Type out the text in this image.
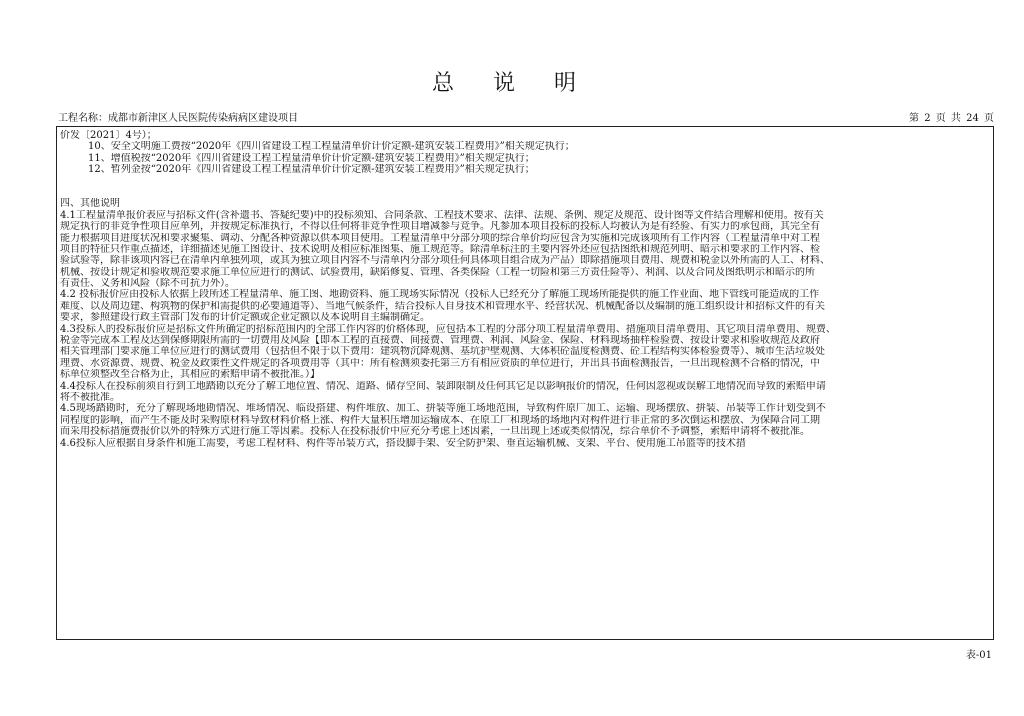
总 说 明
工程名称：成都市新津区人民医院传染病病区建设项目	第 2 页 共 24 页
价发〔2021〕4号）；
10、安全文明施工费按“2020年《四川省建设工程工程量清单价计价定额-建筑安装工程费用》”相关规定执行；
11、增值税按“2020年《四川省建设工程工程量清单价计价定额-建筑安装工程费用》”相关规定执行；
12、暂列金按“2020年《四川省建设工程工程量清单价计价定额-建筑安装工程费用》”相关规定执行；
四、其他说明
4.1工程量清单报价表应与招标文件(含补遗书、答疑纪要)中的投标须知、合同条款、工程技术要求、法律、法规、条例、规定及规范、设计图等文件结合理解和使用。按有关
规定执行的非竞争性项目应单列，并按规定标准执行，不得以任何将非竞争性项目增减参与竞争。凡参加本项目投标的投标人均被认为是有经验、有实力的承包商，其完全有
能力根据项目进度状况和要求聚集、调动、分配各种资源以供本项目使用。工程量清单中分部分项的综合单价均应包含为实施和完成该项所有工作内容（工程量清单中对工程
项目的特征只作重点描述，详细描述见施工图设计、技术说明及相应标准图集、施工规范等。除清单标注的主要内容外还应包括图纸和规范列明、暗示和要求的工作内容、检
验试验等，除非该项内容已在清单内单独列项，或其为独立项目内容不与清单内分部分项任何具体项目组合成为产品）即除措施项目费用、规费和税金以外所需的人工、材料、
机械、按设计规定和验收规范要求施工单位应进行的测试、试验费用，缺陷修复、管理、各类保险（工程一切险和第三方责任险等）、利润、以及合同及图纸明示和暗示的所
有责任、义务和风险（除不可抗力外）。
4.2 投标报价应由投标人依据上段所述工程量清单、施工图、地勘资料、施工现场实际情况（投标人已经充分了解施工现场所能提供的施工作业面、地下管线可能造成的工作
难度、以及周边建、构筑物的保护和需提供的必要通道等）、当地气候条件，结合投标人自身技术和管理水平、经营状况、机械配备以及编制的施工组织设计和招标文件的有关
要求，参照建设行政主管部门发布的计价定额或企业定额以及本说明自主编制确定。
4.3投标人的投标报价应是招标文件所确定的招标范围内的全部工作内容的价格体现，应包括本工程的分部分项工程量清单费用、措施项目清单费用、其它项目清单费用、规费、
税金等完成本工程及达到保修期限所需的一切费用及风险【即本工程的直接费、间接费、管理费、利润、风险金、保险、材料现场抽样检验费、按设计要求和验收规范及政府
相关管理部门要求施工单位应进行的测试费用（包括但不限于以下费用：建筑物沉降观测、基坑护壁观测、大体积砼温度检测费、砼工程结构实体检验费等）、城市生活垃圾处
理费、水资源费、规费、税金及政策性文件规定的各项费用等（其中：所有检测须委托第三方有相应资质的单位进行，并出具书面检测报告，一旦出现检测不合格的情况，中
标单位须整改至合格为止，其相应的索赔申请不被批准。）】
4.4投标人在投标前须自行到工地踏勘以充分了解工地位置、情况、道路、储存空间、装卸限制及任何其它足以影响报价的情况，任何因忽视或误解工地情况而导致的索赔申请
将不被批准。
4.5现场踏勘时，充分了解现场地勘情况、堆场情况、临设搭建、构件堆放、加工、拼装等施工场地范围，导致构件原厂加工、运输、现场摆放、拼装、吊装等工作计划受到不
同程度的影响，而产生不能及时采购原材料导致材料价格上涨、构件大量积压增加运输成本、在原工厂和现场的场地内对构件进行非正常的多次倒运和摆放、为保障合同工期
而采用投标措施费报价以外的特殊方式进行施工等因素。投标人在投标报价中应充分考虑上述因素，一旦出现上述或类似情况，综合单价不予调整，索赔申请将不被批准。
4.6投标人应根据自身条件和施工需要，考虑工程材料、构件等吊装方式，搭设脚手架、安全防护架、垂直运输机械、支架、平台、使用施工吊篮等的技术措
表-01
